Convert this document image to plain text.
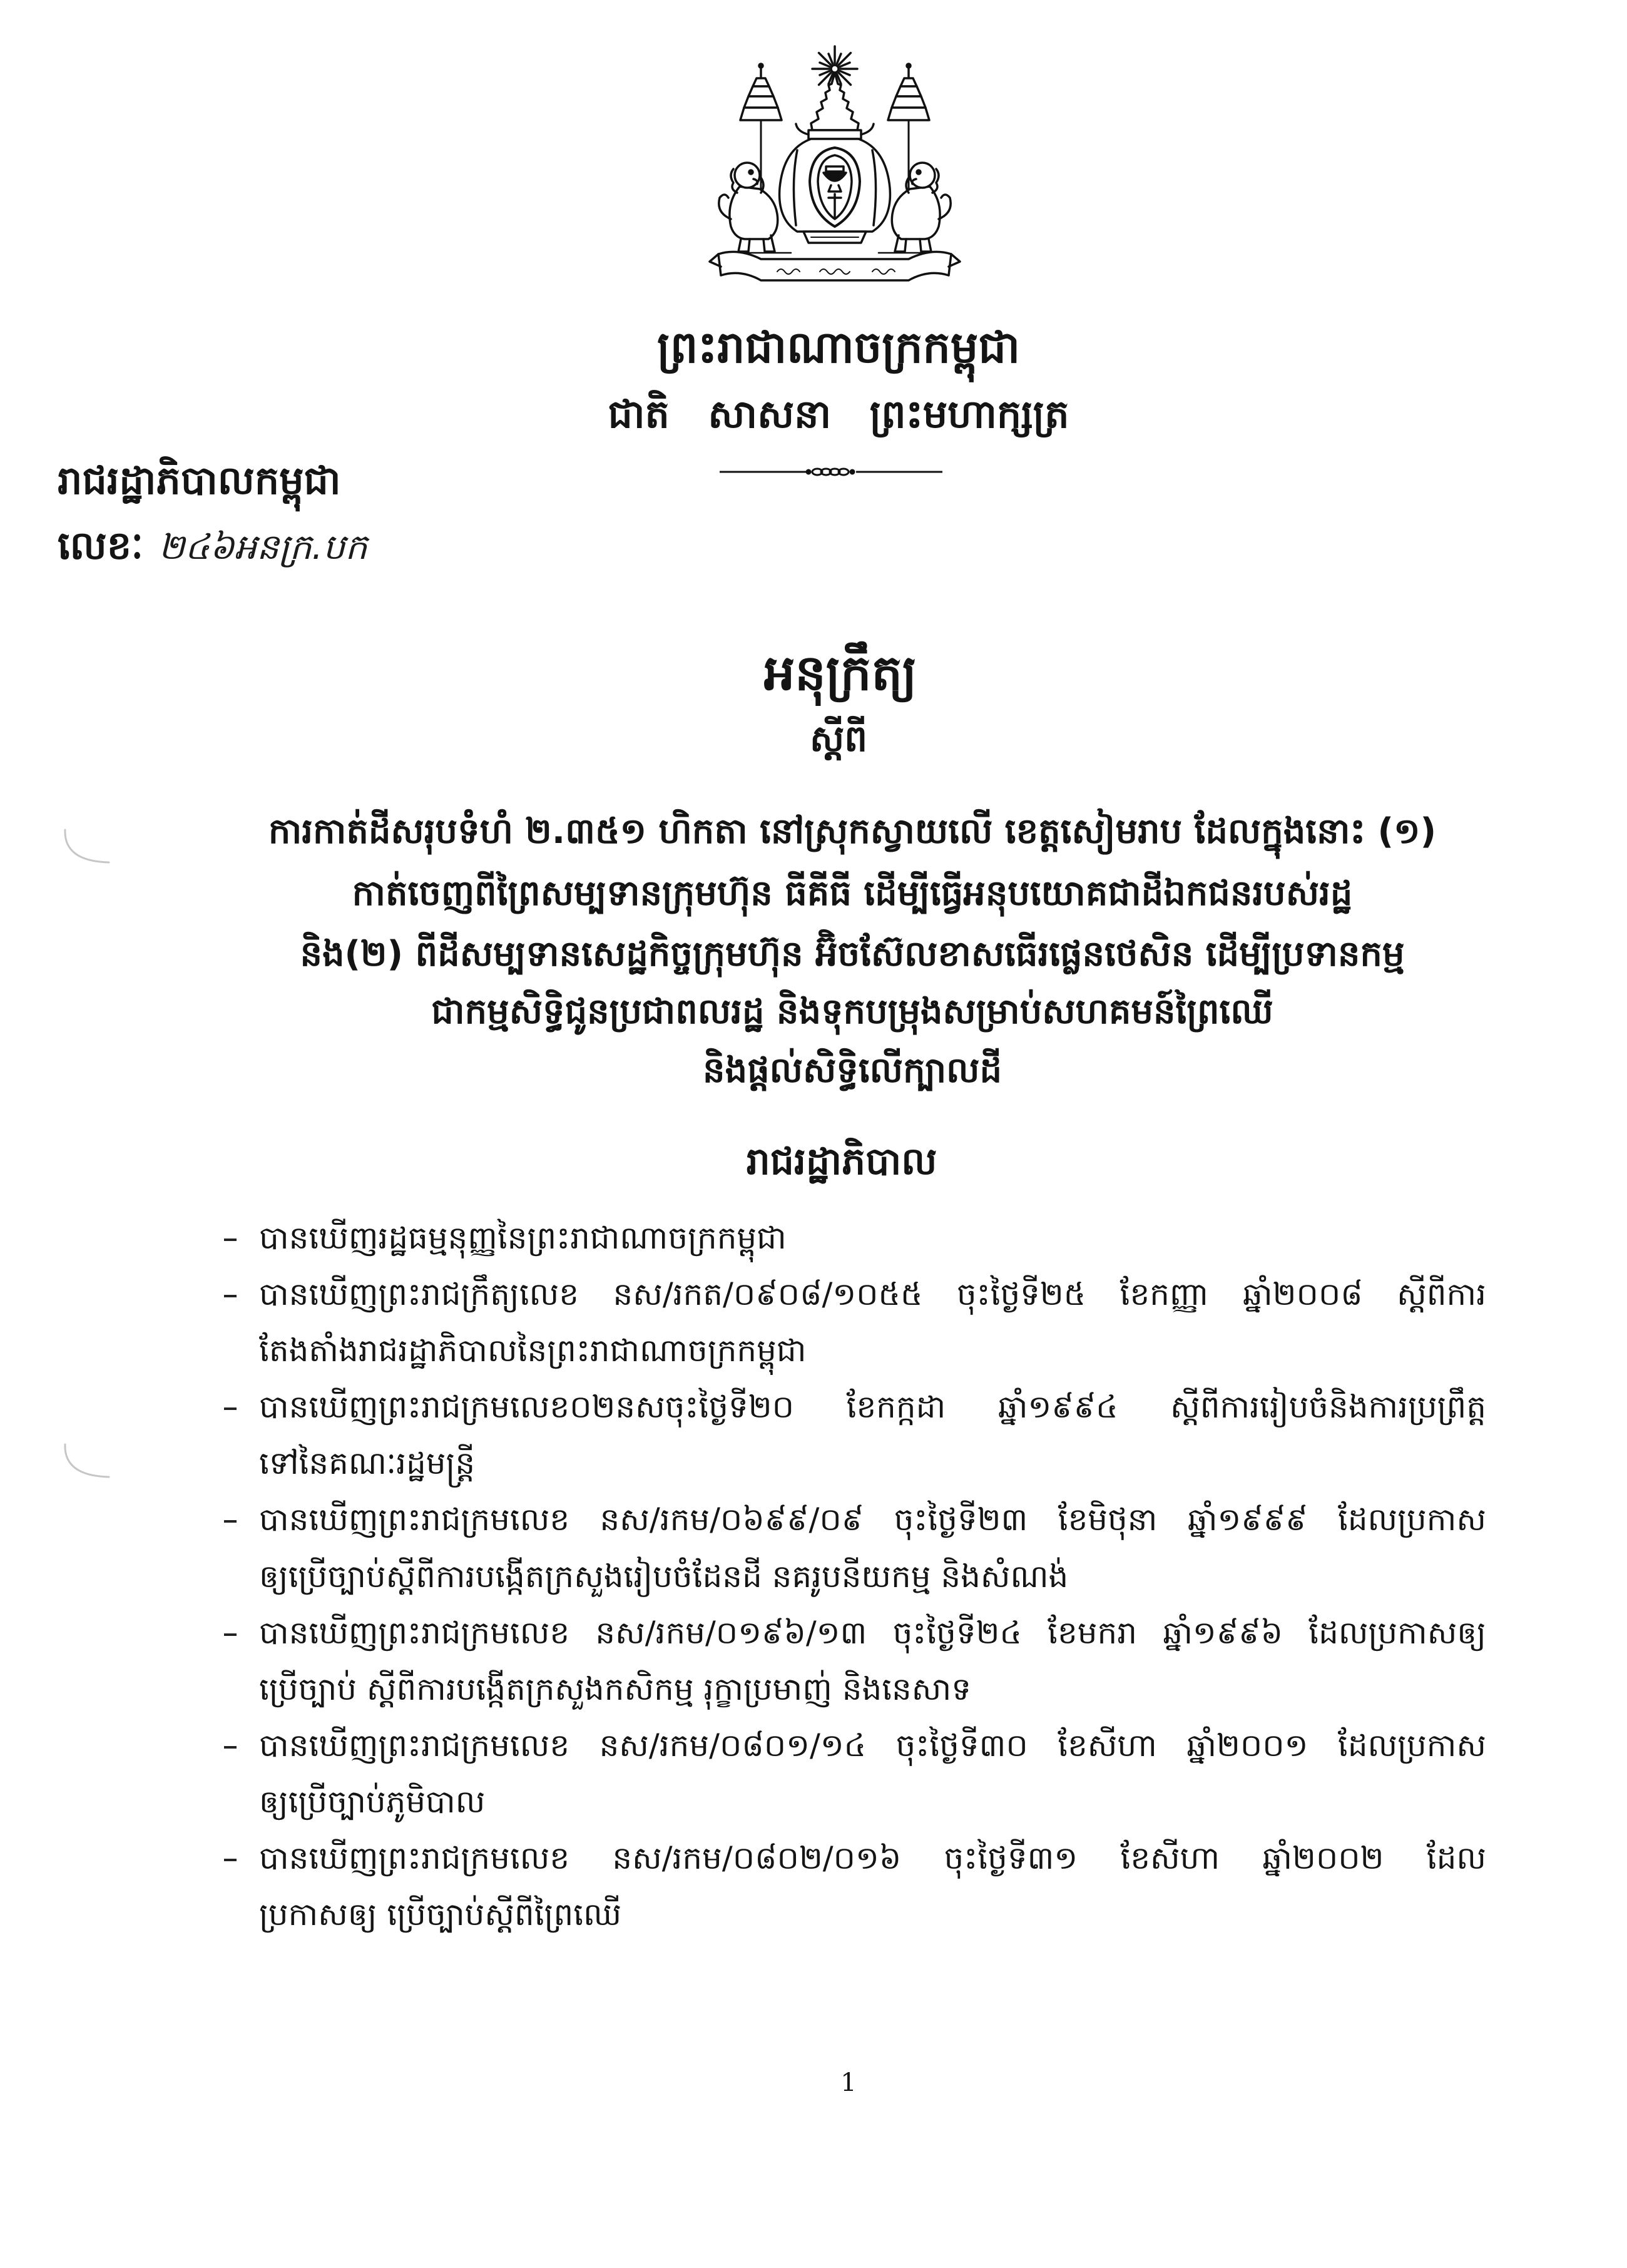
ព្រះរាជាណាចក្រកម្ពុជា
ជាតិ សាសនា ព្រះមហាក្សត្រ
រាជរដ្ឋាភិបាលកម្ពុជា
លេខៈ ២៤៦អនក្រ.បក
អនុក្រឹត្យ
ស្ដីពី
ការកាត់ដីសរុបទំហំ ២.៣៥១ ហិកតា នៅស្រុកស្វាយលើ ខេត្តសៀមរាប ដែលក្នុងនោះ (១)
កាត់ចេញពីព្រៃសម្បទានក្រុមហ៊ុន ធីគីធី ដើម្បីធ្វើអនុបយោគជាដីឯកជនរបស់រដ្ឋ
និង(២) ពីដីសម្បទានសេដ្ឋកិច្ចក្រុមហ៊ុន អ៊ិចស៊ែលខាសធើរផ្លេនថេសិន ដើម្បីប្រទានកម្ម
ជាកម្មសិទ្ធិជូនប្រជាពលរដ្ឋ និងទុកបម្រុងសម្រាប់សហគមន៍ព្រៃឈើ
និងផ្ដល់សិទ្ធិលើក្បាលដី
រាជរដ្ឋាភិបាល
បានឃើញរដ្ឋធម្មនុញ្ញនៃព្រះរាជាណាចក្រកម្ពុជា
បានឃើញព្រះរាជក្រឹត្យលេខ នស/រកត/០៩០៨/១០៥៥ ចុះថ្ងៃទី២៥ ខែកញ្ញា ឆ្នាំ២០០៨ ស្ដីពីការ
តែងតាំងរាជរដ្ឋាភិបាលនៃព្រះរាជាណាចក្រកម្ពុជា
បានឃើញព្រះរាជក្រមលេខ០២នសចុះថ្ងៃទី២០ ខែកក្កដា ឆ្នាំ១៩៩៤ ស្ដីពីការរៀបចំនិងការប្រព្រឹត្ត
ទៅនៃគណៈរដ្ឋមន្ត្រី
បានឃើញព្រះរាជក្រមលេខ នស/រកម/០៦៩៩/០៩ ចុះថ្ងៃទី២៣ ខែមិថុនា ឆ្នាំ១៩៩៩ ដែលប្រកាស
ឲ្យប្រើច្បាប់ស្ដីពីការបង្កើតក្រសួងរៀបចំដែនដី នគរូបនីយកម្ម និងសំណង់
បានឃើញព្រះរាជក្រមលេខ នស/រកម/០១៩៦/១៣ ចុះថ្ងៃទី២៤ ខែមករា ឆ្នាំ១៩៩៦ ដែលប្រកាសឲ្យ
ប្រើច្បាប់ ស្ដីពីការបង្កើតក្រសួងកសិកម្ម រុក្ខាប្រមាញ់ និងនេសាទ
បានឃើញព្រះរាជក្រមលេខ នស/រកម/០៨០១/១៤ ចុះថ្ងៃទី៣០ ខែសីហា ឆ្នាំ២០០១ ដែលប្រកាស
ឲ្យប្រើច្បាប់ភូមិបាល
បានឃើញព្រះរាជក្រមលេខ នស/រកម/០៨០២/០១៦ ចុះថ្ងៃទី៣១ ខែសីហា ឆ្នាំ២០០២ ដែល
ប្រកាសឲ្យ ប្រើច្បាប់ស្ដីពីព្រៃឈើ
1
